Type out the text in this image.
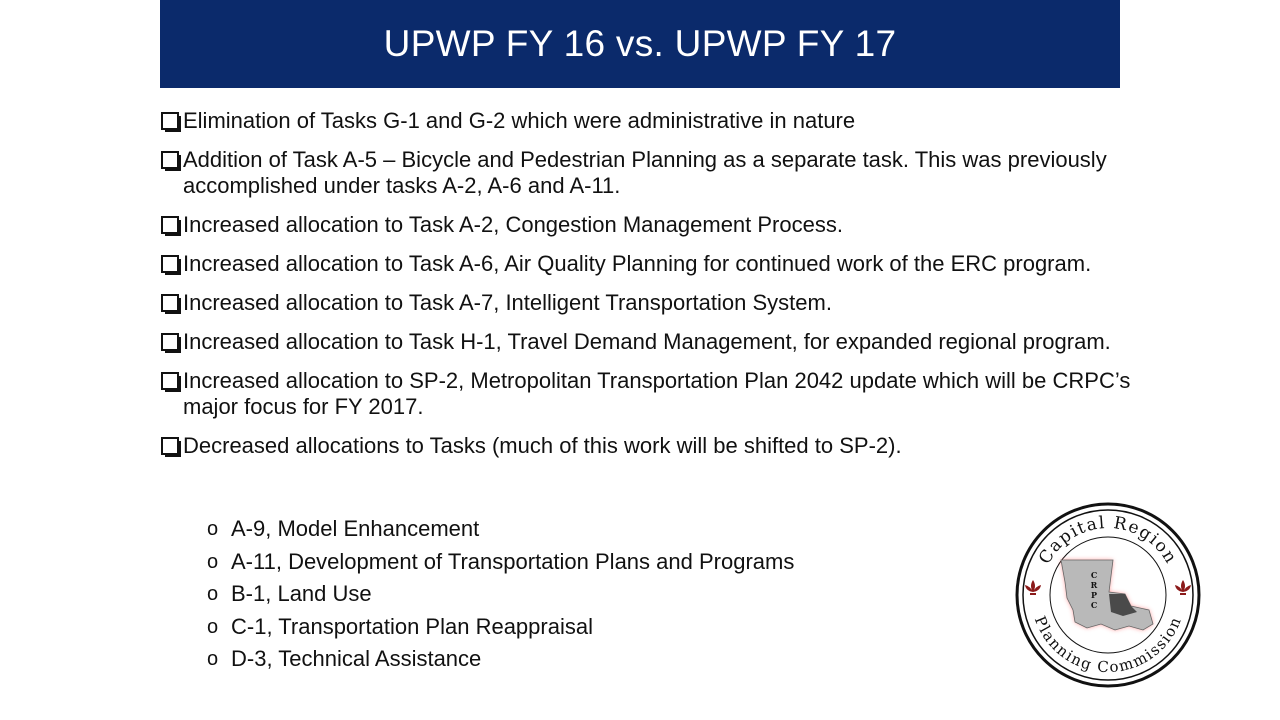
UPWP FY 16 vs. UPWP FY 17
Elimination of Tasks G-1 and G-2 which were administrative in nature
Addition of Task A-5 – Bicycle and Pedestrian Planning as a separate task. This was previously accomplished under tasks A-2, A-6 and A-11.
Increased allocation to Task A-2, Congestion Management Process.
Increased allocation to Task A-6, Air Quality Planning for continued work of the ERC program.
Increased allocation to Task A-7, Intelligent Transportation System.
Increased allocation to Task H-1, Travel Demand Management, for expanded regional program.
Increased allocation to SP-2, Metropolitan Transportation Plan 2042 update which will be CRPC’s major focus for FY 2017.
Decreased allocations to Tasks (much of this work will be shifted to SP-2).
o A-9, Model Enhancement
o A-11, Development of Transportation Plans and Programs
o B-1, Land Use
o C-1, Transportation Plan Reappraisal
o D-3, Technical Assistance
Capital Region
Planning Commission
C
R
P
C
